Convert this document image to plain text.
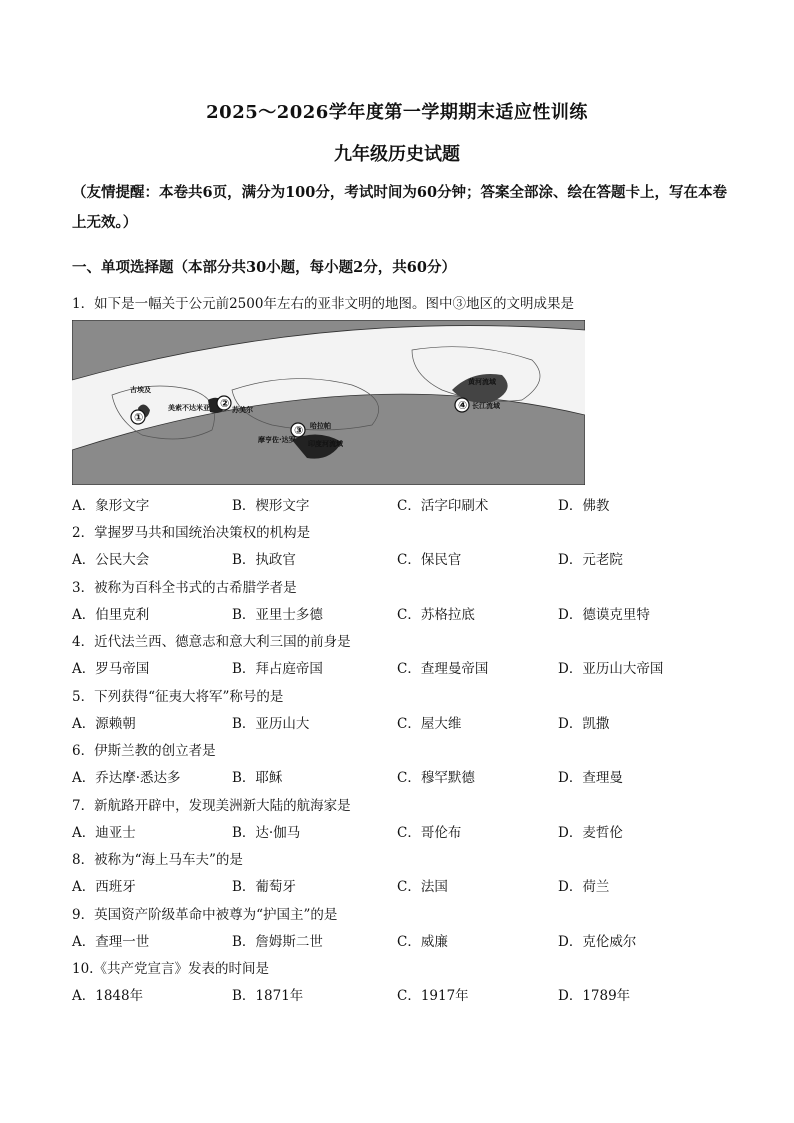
2025～2026学年度第一学期期末适应性训练
九年级历史试题
（友情提醒：本卷共6页，满分为100分，考试时间为60分钟；答案全部涂、绘在答题卡上，写在本卷上无效。）
一、单项选择题（本部分共30小题，每小题2分，共60分）
1．如下是一幅关于公元前2500年左右的亚非文明的地图。图中③地区的文明成果是
①
②
③
④
古埃及
美索不达米亚	苏美尔
摩亨佐·达罗
哈拉帕
印度河流域
黄河流域
长江流域
A．象形文字	B．楔形文字	C．活字印刷术	D．佛教
2．掌握罗马共和国统治决策权的机构是
A．公民大会	B．执政官	C．保民官	D．元老院
3．被称为百科全书式的古希腊学者是
A．伯里克利	B．亚里士多德	C．苏格拉底	D．德谟克里特
4．近代法兰西、德意志和意大利三国的前身是
A．罗马帝国	B．拜占庭帝国	C．查理曼帝国	D．亚历山大帝国
5．下列获得“征夷大将军”称号的是
A．源赖朝	B．亚历山大	C．屋大维	D．凯撒
6．伊斯兰教的创立者是
A．乔达摩·悉达多	B．耶稣	C．穆罕默德	D．查理曼
7．新航路开辟中，发现美洲新大陆的航海家是
A．迪亚士	B．达·伽马	C．哥伦布	D．麦哲伦
8．被称为“海上马车夫”的是
A．西班牙	B．葡萄牙	C．法国	D．荷兰
9．英国资产阶级革命中被尊为“护国主”的是
A．查理一世	B．詹姆斯二世	C．威廉	D．克伦威尔
10.《共产党宣言》发表的时间是
A．1848年	B．1871年	C．1917年	D．1789年
